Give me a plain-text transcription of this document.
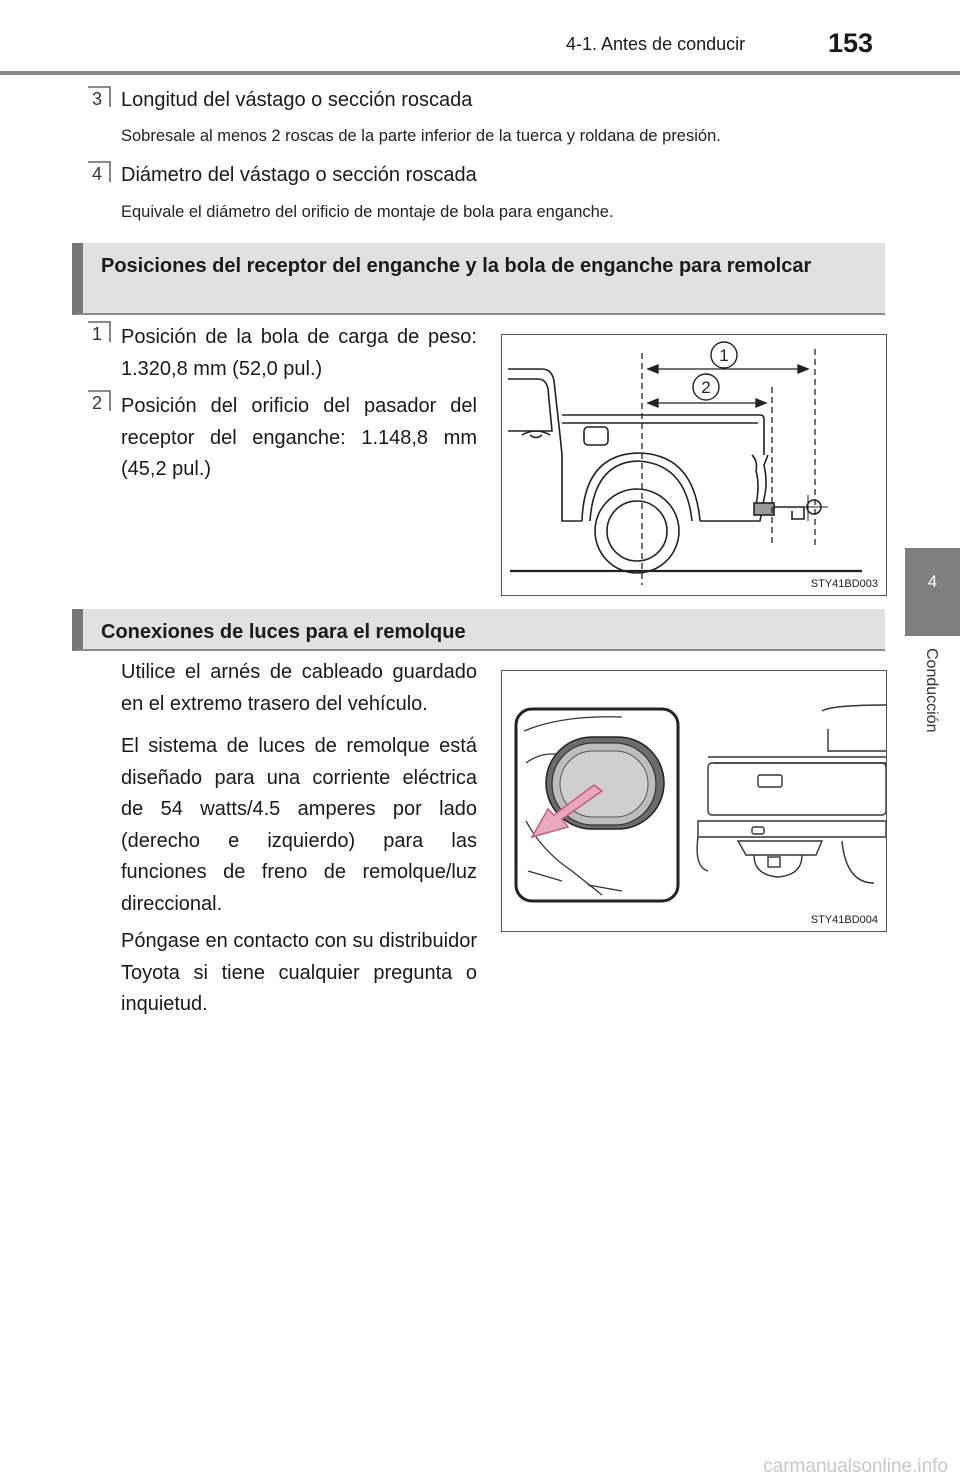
4-1. Antes de conducir	153
4
Conducción
3 Longitud del vástago o sección roscada
Sobresale al menos 2 roscas de la parte inferior de la tuerca y roldana de presión.
4 Diámetro del vástago o sección roscada
Equivale el diámetro del orificio de montaje de bola para enganche.
Posiciones del receptor del enganche y la bola de enganche para remolcar
1 Posición de la bola de carga de peso: 1.320,8 mm (52,0 pul.)
2 Posición del orificio del pasador del receptor del enganche: 1.148,8 mm (45,2 pul.)
1
2
STY41BD003
Conexiones de luces para el remolque
Utilice el arnés de cableado guardado en el extremo trasero del vehículo.
El sistema de luces de remolque está diseñado para una corriente eléctrica de 54 watts/4.5 amperes por lado (derecho e izquierdo) para las funciones de freno de remolque/luz direccional.
Póngase en contacto con su distribuidor Toyota si tiene cualquier pregunta o inquietud.
STY41BD004
carmanualsonline.info
